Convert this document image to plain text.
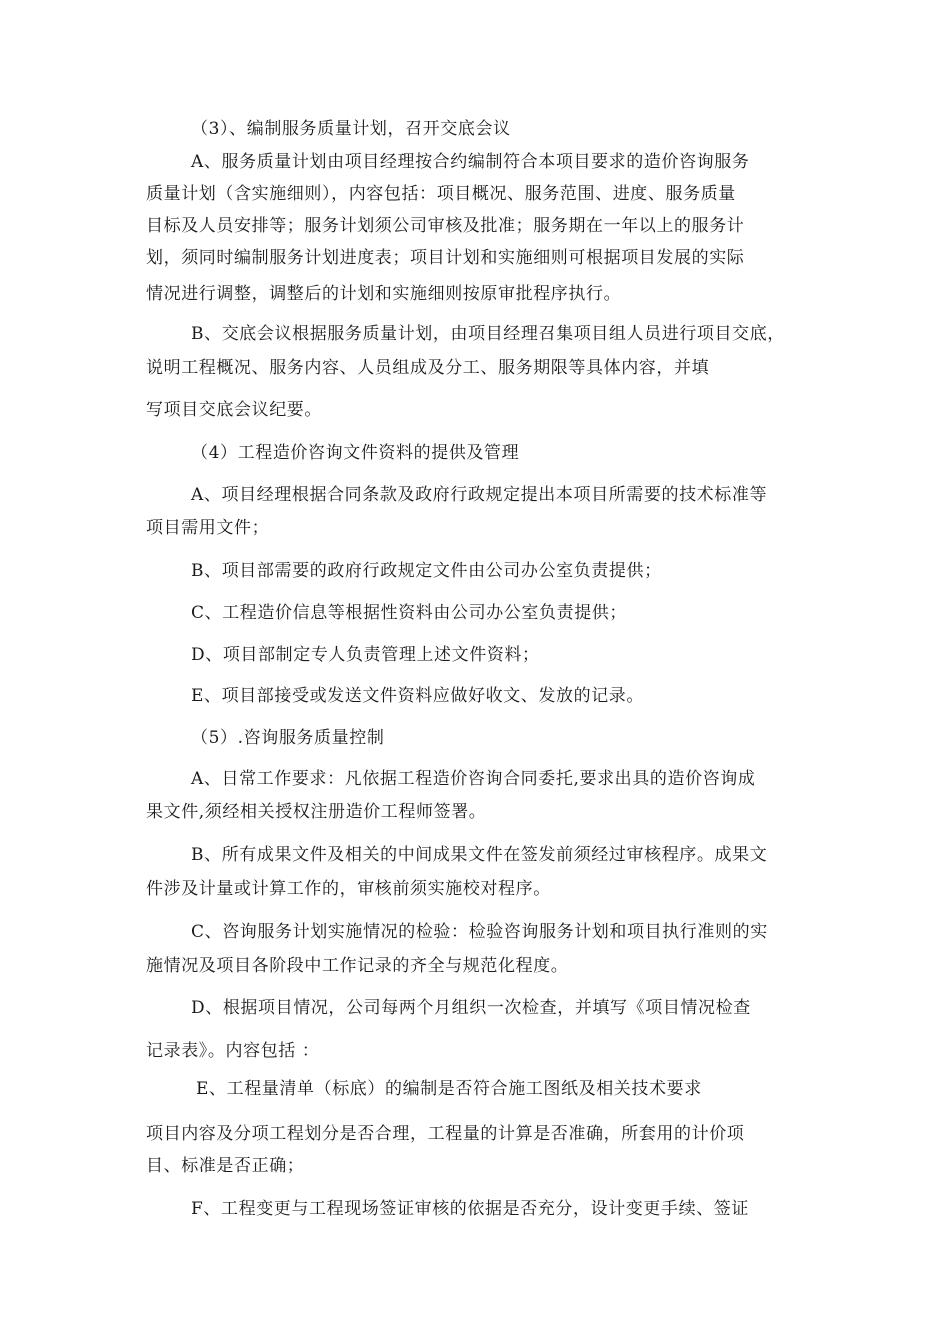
（3）、编制服务质量计划，召开交底会议
A、服务质量计划由项目经理按合约编制符合本项目要求的造价咨询服务
质量计划（含实施细则），内容包括：项目概况、服务范围、进度、服务质量
目标及人员安排等；服务计划须公司审核及批准；服务期在一年以上的服务计
划，须同时编制服务计划进度表；项目计划和实施细则可根据项目发展的实际
情况进行调整，调整后的计划和实施细则按原审批程序执行。
B、交底会议根据服务质量计划，由项目经理召集项目组人员进行项目交底，
说明工程概况、服务内容、人员组成及分工、服务期限等具体内容，并填
写项目交底会议纪要。
（4）工程造价咨询文件资料的提供及管理
A、项目经理根据合同条款及政府行政规定提出本项目所需要的技术标准等
项目需用文件；
B、项目部需要的政府行政规定文件由公司办公室负责提供；
C、工程造价信息等根据性资料由公司办公室负责提供；
D、项目部制定专人负责管理上述文件资料；
E、项目部接受或发送文件资料应做好收文、发放的记录。
（5）.咨询服务质量控制
A、日常工作要求：凡依据工程造价咨询合同委托,要求出具的造价咨询成
果文件,须经相关授权注册造价工程师签署。
B、所有成果文件及相关的中间成果文件在签发前须经过审核程序。成果文
件涉及计量或计算工作的，审核前须实施校对程序。
C、咨询服务计划实施情况的检验：检验咨询服务计划和项目执行准则的实
施情况及项目各阶段中工作记录的齐全与规范化程度。
D、根据项目情况，公司每两个月组织一次检查，并填写《项目情况检查
记录表》。内容包括 ：
E、工程量清单（标底）的编制是否符合施工图纸及相关技术要求
项目内容及分项工程划分是否合理，工程量的计算是否准确，所套用的计价项
目、标准是否正确；
F、工程变更与工程现场签证审核的依据是否充分，设计变更手续、签证
